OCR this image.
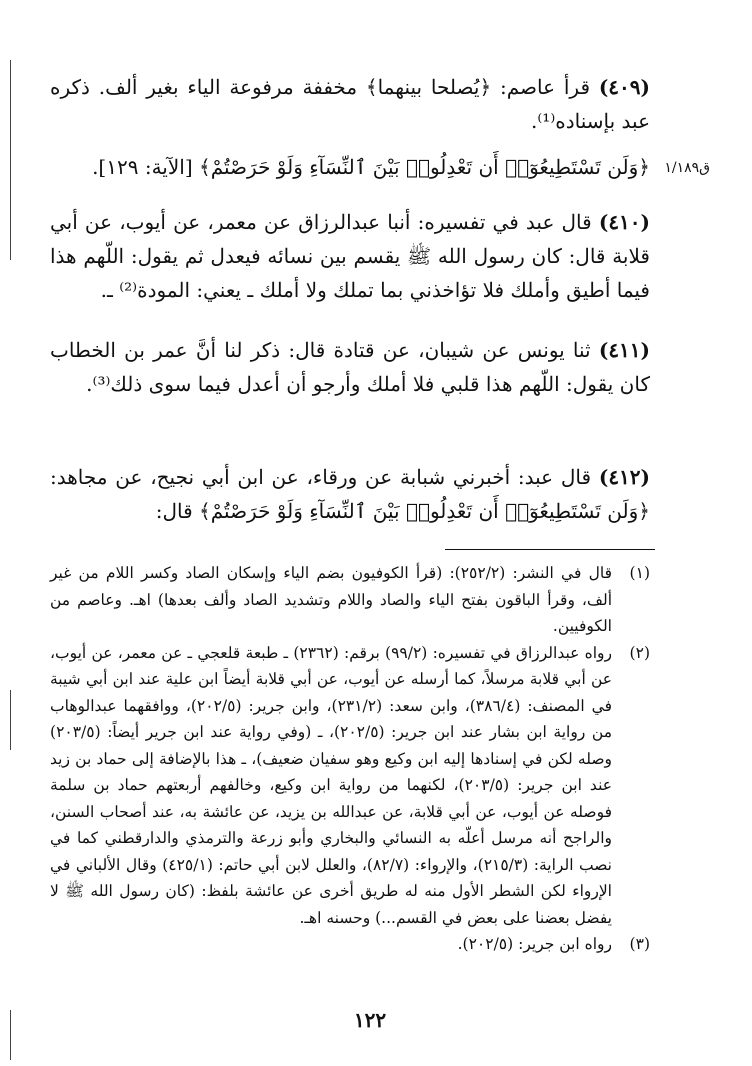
ق١/١٨٩
(٤٠٩) قرأ عاصم: ﴿يُصلحا بينهما﴾ مخففة مرفوعة الياء بغير ألف. ذكره عبد بإسناده⁽¹⁾.
﴿وَلَن تَسْتَطِيعُوٓا۟ أَن تَعْدِلُوا۟ بَيْنَ ٱلنِّسَآءِ وَلَوْ حَرَصْتُمْ﴾ [الآية: ١٢٩].
(٤١٠) قال عبد في تفسيره: أنبا عبدالرزاق عن معمر، عن أيوب، عن أبي قلابة قال: كان رسول الله ﷺ يقسم بين نسائه فيعدل ثم يقول: اللّهم هذا فيما أطيق وأملك فلا تؤاخذني بما تملك ولا أملك ـ يعني: المودة⁽²⁾ ـ.
(٤١١) ثنا يونس عن شيبان، عن قتادة قال: ذكر لنا أنَّ عمر بن الخطاب كان يقول: اللّهم هذا قلبي فلا أملك وأرجو أن أعدل فيما سوى ذلك⁽³⁾.
(٤١٢) قال عبد: أخبرني شبابة عن ورقاء، عن ابن أبي نجيح، عن مجاهد: ﴿وَلَن تَسْتَطِيعُوٓا۟ أَن تَعْدِلُوا۟ بَيْنَ ٱلنِّسَآءِ وَلَوْ حَرَصْتُمْ﴾ قال:
(١)
قال في النشر: (٢٥٢/٢): (قرأ الكوفيون بضم الياء وإسكان الصاد وكسر اللام من غير ألف، وقرأ الباقون بفتح الياء والصاد واللام وتشديد الصاد وألف بعدها) اهـ. وعاصم من الكوفيين.
(٢)
رواه عبدالرزاق في تفسيره: (٩٩/٢) برقم: (٢٣٦٢) ـ طبعة قلعجي ـ عن معمر، عن أيوب، عن أبي قلابة مرسلاً، كما أرسله عن أيوب، عن أبي قلابة أيضاً ابن علية عند ابن أبي شيبة في المصنف: (٣٨٦/٤)، وابن سعد: (٢٣١/٢)، وابن جرير: (٢٠٢/٥)، ووافقهما عبدالوهاب من رواية ابن بشار عند ابن جرير: (٢٠٢/٥)، ـ (وفي رواية عند ابن جرير أيضاً: (٢٠٣/٥) وصله لكن في إسنادها إليه ابن وكيع وهو سفيان ضعيف)، ـ هذا بالإضافة إلى حماد بن زيد عند ابن جرير: (٢٠٣/٥)، لكنهما من رواية ابن وكيع، وخالفهم أربعتهم حماد بن سلمة فوصله عن أيوب، عن أبي قلابة، عن عبدالله بن يزيد، عن عائشة به، عند أصحاب السنن، والراجح أنه مرسل أعلّه به النسائي والبخاري وأبو زرعة والترمذي والدارقطني كما في نصب الراية: (٢١٥/٣)، والإرواء: (٨٢/٧)، والعلل لابن أبي حاتم: (٤٢٥/١) وقال الألباني في الإرواء لكن الشطر الأول منه له طريق أخرى عن عائشة بلفظ: (كان رسول الله ﷺ لا يفضل بعضنا على بعض في القسم...) وحسنه اهـ.
(٣)
رواه ابن جرير: (٢٠٢/٥).
١٢٢
